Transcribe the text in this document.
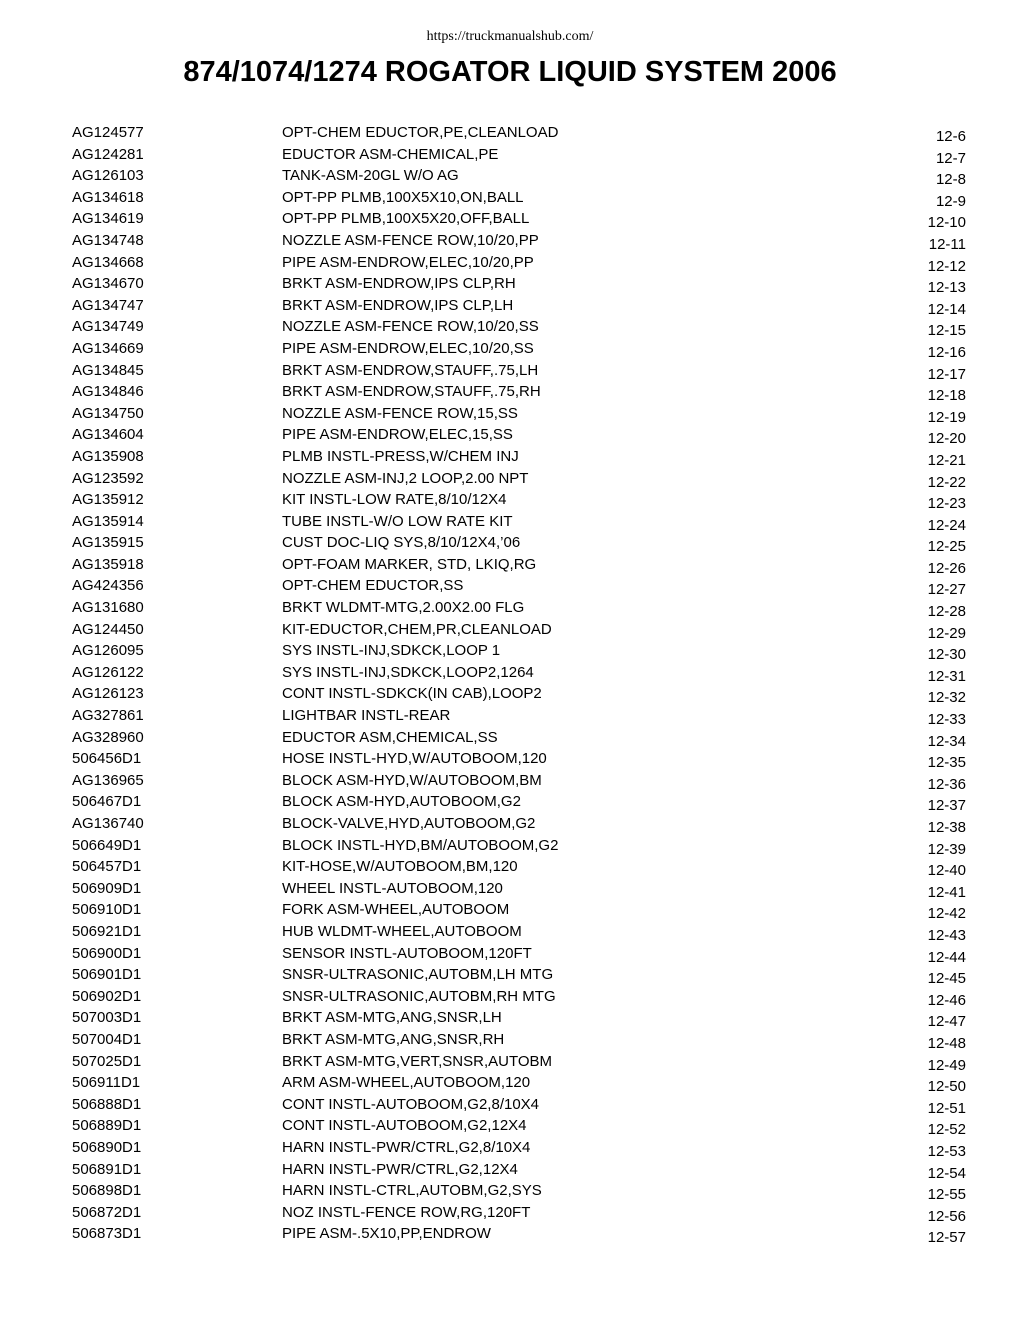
https://truckmanualshub.com/
874/1074/1274 ROGATOR LIQUID SYSTEM 2006
AG124577	OPT-CHEM EDUCTOR,PE,CLEANLOAD	12-6
AG124281	EDUCTOR ASM-CHEMICAL,PE	12-7
AG126103	TANK-ASM-20GL W/O AG	12-8
AG134618	OPT-PP PLMB,100X5X10,ON,BALL	12-9
AG134619	OPT-PP PLMB,100X5X20,OFF,BALL	12-10
AG134748	NOZZLE ASM-FENCE ROW,10/20,PP	12-11
AG134668	PIPE ASM-ENDROW,ELEC,10/20,PP	12-12
AG134670	BRKT ASM-ENDROW,IPS CLP,RH	12-13
AG134747	BRKT ASM-ENDROW,IPS CLP,LH	12-14
AG134749	NOZZLE ASM-FENCE ROW,10/20,SS	12-15
AG134669	PIPE ASM-ENDROW,ELEC,10/20,SS	12-16
AG134845	BRKT ASM-ENDROW,STAUFF,.75,LH	12-17
AG134846	BRKT ASM-ENDROW,STAUFF,.75,RH	12-18
AG134750	NOZZLE ASM-FENCE ROW,15,SS	12-19
AG134604	PIPE ASM-ENDROW,ELEC,15,SS	12-20
AG135908	PLMB INSTL-PRESS,W/CHEM INJ	12-21
AG123592	NOZZLE ASM-INJ,2 LOOP,2.00 NPT	12-22
AG135912	KIT INSTL-LOW RATE,8/10/12X4	12-23
AG135914	TUBE INSTL-W/O LOW RATE KIT	12-24
AG135915	CUST DOC-LIQ SYS,8/10/12X4,’06	12-25
AG135918	OPT-FOAM MARKER, STD, LKIQ,RG	12-26
AG424356	OPT-CHEM EDUCTOR,SS	12-27
AG131680	BRKT WLDMT-MTG,2.00X2.00 FLG	12-28
AG124450	KIT-EDUCTOR,CHEM,PR,CLEANLOAD	12-29
AG126095	SYS INSTL-INJ,SDKCK,LOOP 1	12-30
AG126122	SYS INSTL-INJ,SDKCK,LOOP2,1264	12-31
AG126123	CONT INSTL-SDKCK(IN CAB),LOOP2	12-32
AG327861	LIGHTBAR INSTL-REAR	12-33
AG328960	EDUCTOR ASM,CHEMICAL,SS	12-34
506456D1	HOSE INSTL-HYD,W/AUTOBOOM,120	12-35
AG136965	BLOCK ASM-HYD,W/AUTOBOOM,BM	12-36
506467D1	BLOCK ASM-HYD,AUTOBOOM,G2	12-37
AG136740	BLOCK-VALVE,HYD,AUTOBOOM,G2	12-38
506649D1	BLOCK INSTL-HYD,BM/AUTOBOOM,G2	12-39
506457D1	KIT-HOSE,W/AUTOBOOM,BM,120	12-40
506909D1	WHEEL INSTL-AUTOBOOM,120	12-41
506910D1	FORK ASM-WHEEL,AUTOBOOM	12-42
506921D1	HUB WLDMT-WHEEL,AUTOBOOM	12-43
506900D1	SENSOR INSTL-AUTOBOOM,120FT	12-44
506901D1	SNSR-ULTRASONIC,AUTOBM,LH MTG	12-45
506902D1	SNSR-ULTRASONIC,AUTOBM,RH MTG	12-46
507003D1	BRKT ASM-MTG,ANG,SNSR,LH	12-47
507004D1	BRKT ASM-MTG,ANG,SNSR,RH	12-48
507025D1	BRKT ASM-MTG,VERT,SNSR,AUTOBM	12-49
506911D1	ARM ASM-WHEEL,AUTOBOOM,120	12-50
506888D1	CONT INSTL-AUTOBOOM,G2,8/10X4	12-51
506889D1	CONT INSTL-AUTOBOOM,G2,12X4	12-52
506890D1	HARN INSTL-PWR/CTRL,G2,8/10X4	12-53
506891D1	HARN INSTL-PWR/CTRL,G2,12X4	12-54
506898D1	HARN INSTL-CTRL,AUTOBM,G2,SYS	12-55
506872D1	NOZ INSTL-FENCE ROW,RG,120FT	12-56
506873D1	PIPE ASM-.5X10,PP,ENDROW	12-57
